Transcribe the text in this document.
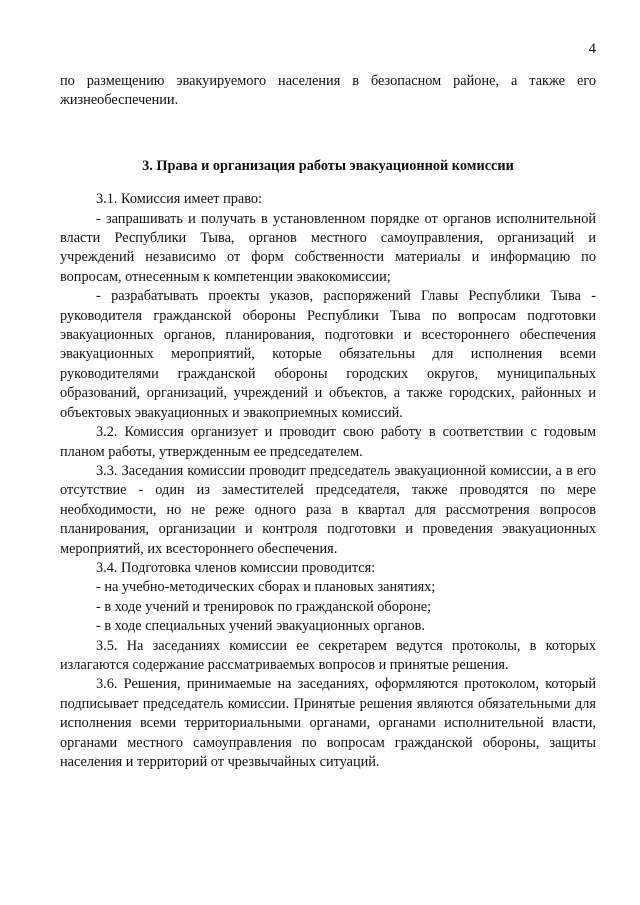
4

по размещению эвакуируемого населения в безопасном районе, а также его жизнеобеспечении.

3. Права и организация работы эвакуационной комиссии

3.1. Комиссия имеет право:

- запрашивать и получать в установленном порядке от органов исполнительной власти Республики Тыва, органов местного самоуправления, организаций и учреждений независимо от форм собственности материалы и информацию по вопросам, отнесенным к компетенции эвакокомиссии;

- разрабатывать проекты указов, распоряжений Главы Республики Тыва - руководителя гражданской обороны Республики Тыва по вопросам подготовки эвакуационных органов, планирования, подготовки и всестороннего обеспечения эвакуационных мероприятий, которые обязательны для исполнения всеми руководителями гражданской обороны городских округов, муниципальных образований, организаций, учреждений и объектов, а также городских, районных и объектовых эвакуационных и эвакоприемных комиссий.

3.2. Комиссия организует и проводит свою работу в соответствии с годовым планом работы, утвержденным ее председателем.

3.3. Заседания комиссии проводит председатель эвакуационной комиссии, а в его отсутствие - один из заместителей председателя, также проводятся по мере необходимости, но не реже одного раза в квартал для рассмотрения вопросов планирования, организации и контроля подготовки и проведения эвакуационных мероприятий, их всестороннего обеспечения.

3.4. Подготовка членов комиссии проводится:

- на учебно-методических сборах и плановых занятиях;

- в ходе учений и тренировок по гражданской обороне;

- в ходе специальных учений эвакуационных органов.

3.5. На заседаниях комиссии ее секретарем ведутся протоколы, в которых излагаются содержание рассматриваемых вопросов и принятые решения.

3.6. Решения, принимаемые на заседаниях, оформляются протоколом, который подписывает председатель комиссии. Принятые решения являются обязательными для исполнения всеми территориальными органами, органами исполнительной власти, органами местного самоуправления по вопросам гражданской обороны, защиты населения и территорий от чрезвычайных ситуаций.
